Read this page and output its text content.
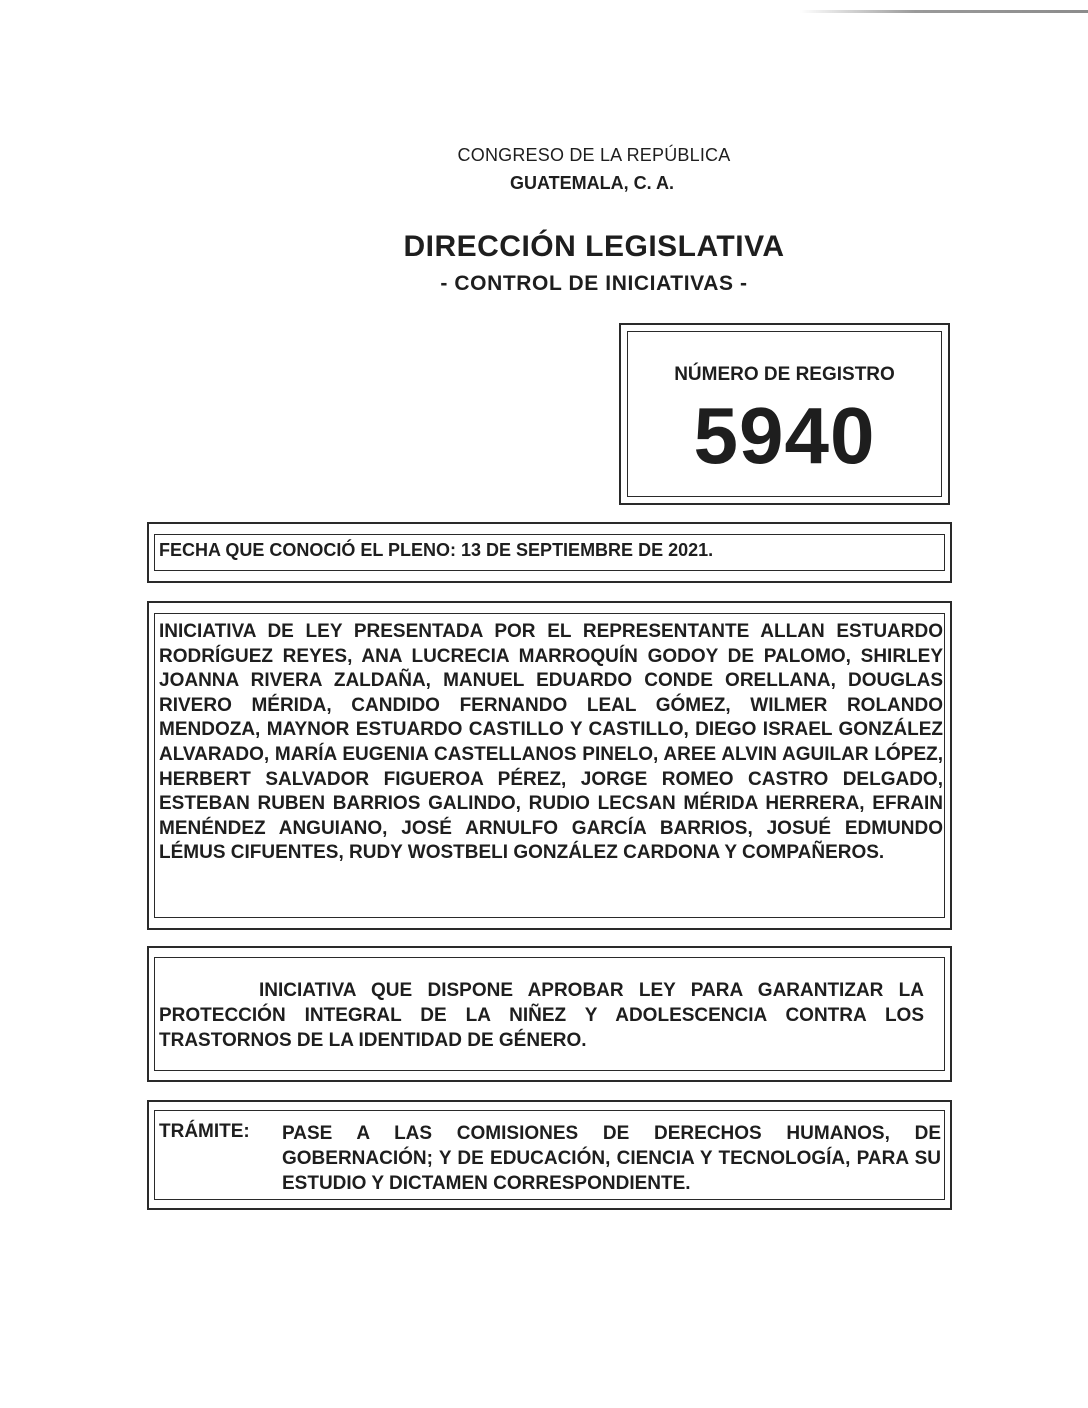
CONGRESO DE LA REPÚBLICA
GUATEMALA, C. A.
DIRECCIÓN LEGISLATIVA
- CONTROL DE INICIATIVAS -
NÚMERO DE REGISTRO
5940
FECHA QUE CONOCIÓ EL PLENO: 13 DE SEPTIEMBRE DE 2021.
INICIATIVA DE LEY PRESENTADA POR EL REPRESENTANTE ALLAN ESTUARDO RODRÍGUEZ REYES, ANA LUCRECIA MARROQUÍN GODOY DE PALOMO, SHIRLEY JOANNA RIVERA ZALDAÑA, MANUEL EDUARDO CONDE ORELLANA, DOUGLAS RIVERO MÉRIDA, CANDIDO FERNANDO LEAL GÓMEZ, WILMER ROLANDO MENDOZA, MAYNOR ESTUARDO CASTILLO Y CASTILLO, DIEGO ISRAEL GONZÁLEZ ALVARADO, MARÍA EUGENIA CASTELLANOS PINELO, AREE ALVIN AGUILAR LÓPEZ, HERBERT SALVADOR FIGUEROA PÉREZ, JORGE ROMEO CASTRO DELGADO, ESTEBAN RUBEN BARRIOS GALINDO, RUDIO LECSAN MÉRIDA HERRERA, EFRAIN MENÉNDEZ ANGUIANO, JOSÉ ARNULFO GARCÍA BARRIOS, JOSUÉ EDMUNDO LÉMUS CIFUENTES, RUDY WOSTBELI GONZÁLEZ CARDONA Y COMPAÑEROS.
INICIATIVA QUE DISPONE APROBAR LEY PARA GARANTIZAR LA PROTECCIÓN INTEGRAL DE LA NIÑEZ Y ADOLESCENCIA CONTRA LOS TRASTORNOS DE LA IDENTIDAD DE GÉNERO.
TRÁMITE: PASE A LAS COMISIONES DE DERECHOS HUMANOS, DE GOBERNACIÓN; Y DE EDUCACIÓN, CIENCIA Y TECNOLOGÍA, PARA SU ESTUDIO Y DICTAMEN CORRESPONDIENTE.
